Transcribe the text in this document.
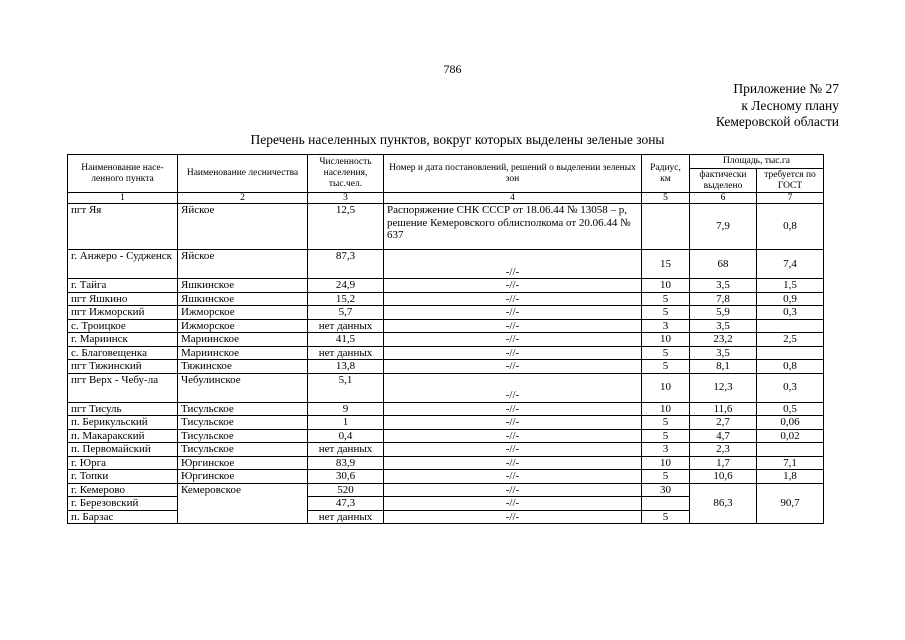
786
Приложение № 27
к Лесному плану
Кемеровской области
Перечень населенных пунктов, вокруг которых выделены зеленые зоны
Наименование насе-ленного пункта	Наименование лесничества	Численность населения, тыс.чел.	Номер и дата постановлений, решений о выделении зеленых зон	Радиус, км	Площадь, тыс.га	
					фактически выделено	требуется по ГОСТ
1	2	3	4	5	6	7
пгт Яя	Яйское	12,5	Распоряжение СНК СССР от 18.06.44 № 13058 – р, решение Кемеровского облисполкома от 20.06.44 № 637		7,9	0,8
г. Анжеро - Судженск	Яйское	87,3	-//-	15	68	7,4
г. Тайга	Яшкинское	24,9	-//-	10	3,5	1,5
пгт Яшкино	Яшкинское	15,2	-//-	5	7,8	0,9
пгт Ижморский	Ижморское	5,7	-//-	5	5,9	0,3
с. Троицкое	Ижморское	нет данных	-//-	3	3,5	
г. Мариинск	Мариинское	41,5	-//-	10	23,2	2,5
с. Благовещенка	Мариинское	нет данных	-//-	5	3,5	
пгт Тяжинский	Тяжинское	13,8	-//-	5	8,1	0,8
пгт Верх - Чебу-ла	Чебулинское	5,1	-//-	10	12,3	0,3
пгт Тисуль	Тисульское	9	-//-	10	11,6	0,5
п. Берикульский	Тисульское	1	-//-	5	2,7	0,06
п. Макаракский	Тисульское	0,4	-//-	5	4,7	0,02
п. Первомайский	Тисульское	нет данных	-//-	3	2,3	
г. Юрга	Юргинское	83,9	-//-	10	1,7	7,1
г. Топки	Юргинское	30,6	-//-	5	10,6	1,8
г. Кемерово	Кемеровское	520	-//-	30	86,3	90,7
г. Березовский		47,3	-//-			
п. Барзас		нет данных	-//-	5		
